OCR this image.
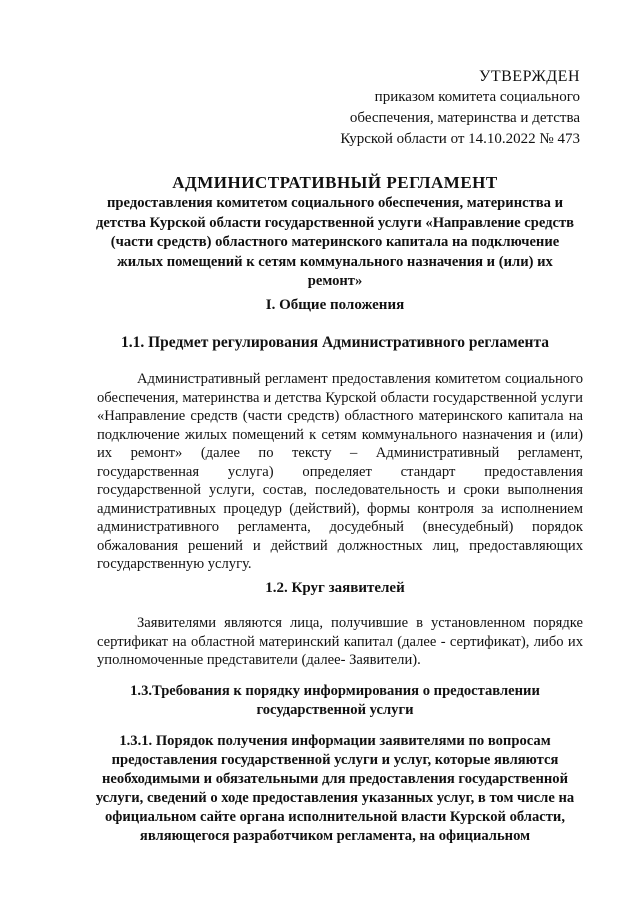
УТВЕРЖДЕН
приказом комитета социального
обеспечения, материнства и детства
Курской области от 14.10.2022 № 473
АДМИНИСТРАТИВНЫЙ РЕГЛАМЕНТ
предоставления комитетом социального обеспечения, материнства и детства Курской области государственной услуги «Направление средств (части средств) областного материнского капитала на подключение жилых помещений к сетям коммунального назначения и (или) их ремонт»
I. Общие положения
1.1. Предмет регулирования Административного регламента
Административный регламент предоставления комитетом социального обеспечения, материнства и детства Курской области государственной услуги «Направление средств (части средств) областного материнского капитала на подключение жилых помещений к сетям коммунального назначения и (или) их ремонт» (далее по тексту – Административный регламент, государственная услуга) определяет стандарт предоставления государственной услуги, состав, последовательность и сроки выполнения административных процедур (действий), формы контроля за исполнением административного регламента, досудебный (внесудебный) порядок обжалования решений и действий должностных лиц, предоставляющих государственную услугу.
1.2. Круг заявителей
Заявителями являются лица, получившие в установленном порядке сертификат на областной материнский капитал (далее - сертификат), либо их уполномоченные представители (далее- Заявители).
1.3.Требования к порядку информирования о предоставлении государственной услуги
1.3.1. Порядок получения информации заявителями по вопросам предоставления государственной услуги и услуг, которые являются необходимыми и обязательными для предоставления государственной услуги, сведений о ходе предоставления указанных услуг, в том числе на официальном сайте органа исполнительной власти Курской области, являющегося разработчиком регламента, на официальном
